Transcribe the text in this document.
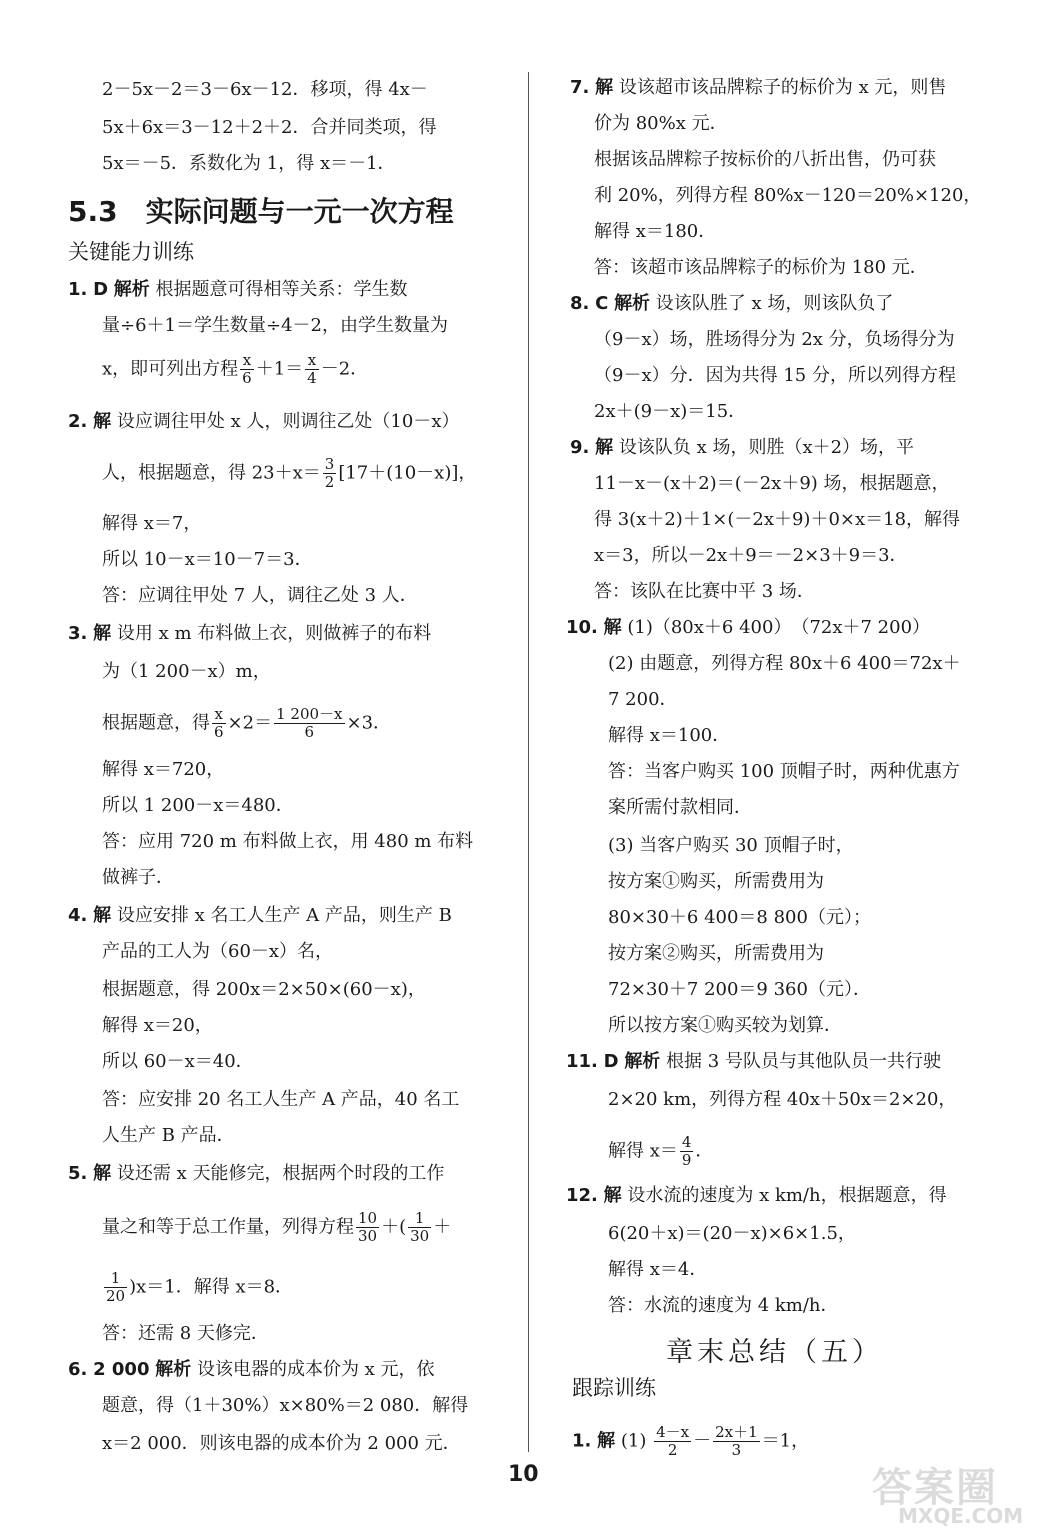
2－5x－2＝3－6x－12．移项，得 4x－
5x＋6x＝3－12＋2＋2．合并同类项，得
5x＝－5．系数化为 1，得 x＝－1．
5.3　实际问题与一元一次方程
关键能力训练
1. D 解析 根据题意可得相等关系：学生数
量÷6＋1＝学生数量÷4－2，由学生数量为
x，即可列出方程 $\frac{x}{6} +1= \frac{x}{4} -2$．
2. 解 设应调往甲处 x 人，则调往乙处（10－x）
人，根据题意，得 $23+x= \frac{3}{2} [17+(10-x)]$，
解得 x＝7，
所以 10－x＝10－7＝3．
答：应调往甲处 7 人，调往乙处 3 人．
3. 解 设用 x m 布料做上衣，则做裤子的布料
为（1 200－x）m，
根据题意，得 $\frac{x}{6} \times 2= \frac{1 200-x}{6} \times 3$．
解得 x＝720，
所以 1 200－x＝480．
答：应用 720 m 布料做上衣，用 480 m 布料
做裤子．
4. 解 设应安排 x 名工人生产 A 产品，则生产 B
产品的工人为（60－x）名，
根据题意，得 200x＝2×50×(60－x)，
解得 x＝20，
所以 60－x＝40．
答：应安排 20 名工人生产 A 产品，40 名工
人生产 B 产品．
5. 解 设还需 x 天能修完，根据两个时段的工作
量之和等于总工作量，列得方程 $\frac{10}{30}$ ＋( $\frac{1}{30}$ ＋
$\frac{1}{20} )x=1$．解得 x＝8．
答：还需 8 天修完．
6. 2 000 解析 设该电器的成本价为 x 元，依
题意，得（1＋30%）x×80%＝2 080．解得
x＝2 000．则该电器的成本价为 2 000 元．
7. 解 设该超市该品牌粽子的标价为 x 元，则售
价为 80%x 元．
根据该品牌粽子按标价的八折出售，仍可获
利 20%，列得方程 80%x－120＝20%×120，
解得 x＝180．
答：该超市该品牌粽子的标价为 180 元．
8. C 解析 设该队胜了 x 场，则该队负了
（9－x）场，胜场得分为 2x 分，负场得分为
（9－x）分．因为共得 15 分，所以列得方程
2x＋(9－x)＝15．
9. 解 设该队负 x 场，则胜（x＋2）场，平
11－x－(x＋2)＝(－2x＋9) 场，根据题意，
得 3(x＋2)＋1×(－2x＋9)＋0×x＝18，解得
x＝3，所以－2x＋9＝－2×3＋9＝3．
答：该队在比赛中平 3 场．
10. 解 (1)（80x＋6 400）　（72x＋7 200）
(2) 由题意，列得方程 80x＋6 400＝72x＋
7 200．
解得 x＝100．
答：当客户购买 100 顶帽子时，两种优惠方
案所需付款相同．
(3) 当客户购买 30 顶帽子时，
按方案①购买，所需费用为
80×30＋6 400＝8 800（元）；
按方案②购买，所需费用为
72×30＋7 200＝9 360（元）．
所以按方案①购买较为划算．
11. D 解析 根据 3 号队员与其他队员一共行驶
2×20 km，列得方程 40x＋50x＝2×20，
解得 $x= \frac{4}{9}$ ．
12. 解 设水流的速度为 x km/h，根据题意，得
6(20＋x)＝(20－x)×6×1.5，
解得 x＝4．
答：水流的速度为 4 km/h．
章末总结（五）
跟踪训练
1. 解 $(1) \frac{4-x}{2} - \frac{2x+1}{3} =1$，
10	答案圈
MXQE.COM
